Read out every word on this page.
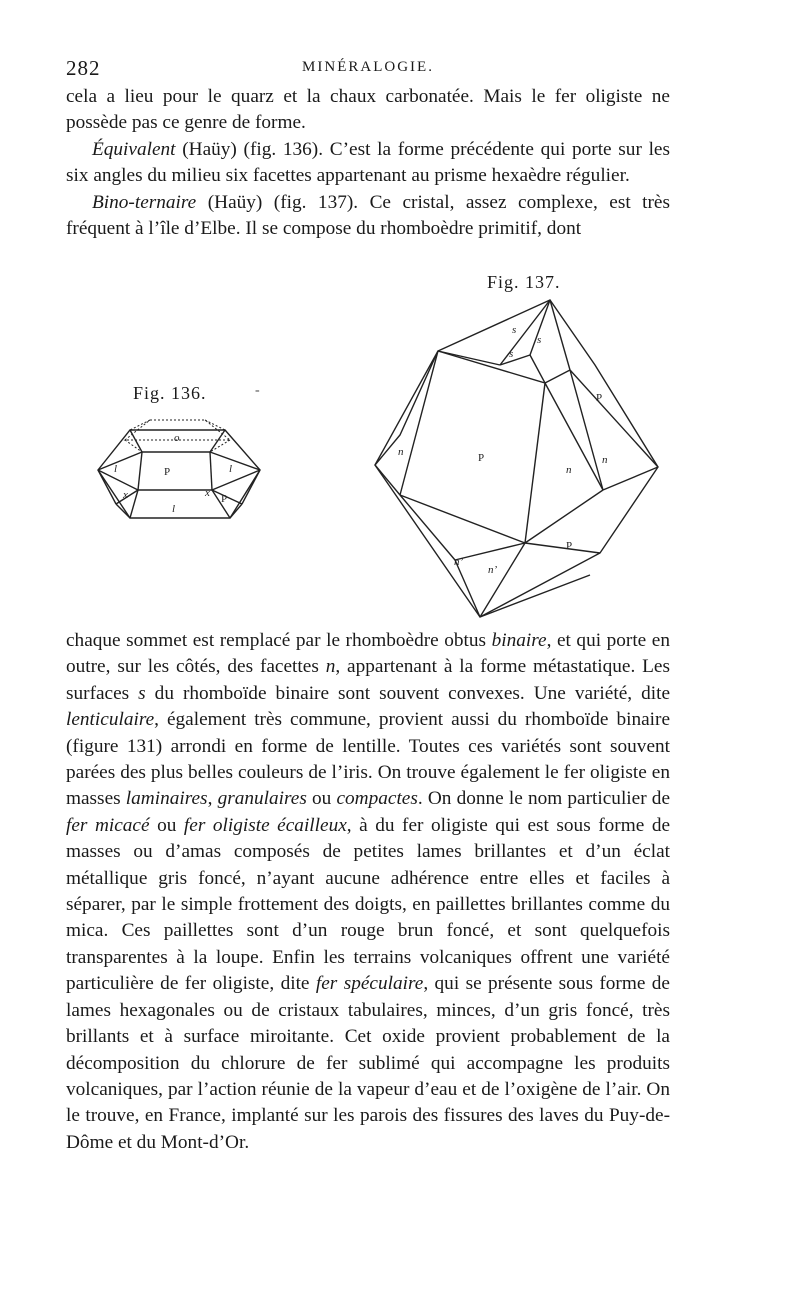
282	MINÉRALOGIE.

cela a lieu pour le quarz et la chaux carbonatée. Mais le fer oligiste ne possède pas ce genre de forme.

Équivalent (Haüy) (fig. 136). C’est la forme précédente qui porte sur les six angles du milieu six facettes appartenant au prisme hexaèdre régulier.

Bino-ternaire (Haüy) (fig. 137). Ce cristal, assez complexe, est très fréquent à l’île d’Elbe. Il se compose du rhomboèdre primitif, dont

Fig. 137.
Fig. 136.	-
s
s
s
P
n	P
n
n
P
n’
n’
o
l	P	l
x	x P
l

chaque sommet est remplacé par le rhomboèdre obtus binaire, et qui porte en outre, sur les côtés, des facettes n, appartenant à la forme métastatique. Les surfaces s du rhomboïde binaire sont souvent convexes. Une variété, dite lenticulaire, également très commune, provient aussi du rhomboïde binaire (figure 131) arrondi en forme de lentille. Toutes ces variétés sont souvent parées des plus belles couleurs de l’iris. On trouve également le fer oligiste en masses laminaires, granulaires ou compactes. On donne le nom particulier de fer micacé ou fer oligiste écailleux, à du fer oligiste qui est sous forme de masses ou d’amas composés de petites lames brillantes et d’un éclat métallique gris foncé, n’ayant aucune adhérence entre elles et faciles à séparer, par le simple frottement des doigts, en paillettes brillantes comme du mica. Ces paillettes sont d’un rouge brun foncé, et sont quelquefois transparentes à la loupe. Enfin les terrains volcaniques offrent une variété particulière de fer oligiste, dite fer spéculaire, qui se présente sous forme de lames hexagonales ou de cristaux tabulaires, minces, d’un gris foncé, très brillants et à surface miroitante. Cet oxide provient probablement de la décomposition du chlorure de fer sublimé qui accompagne les produits volcaniques, par l’action réunie de la vapeur d’eau et de l’oxigène de l’air. On le trouve, en France, implanté sur les parois des fissures des laves du Puy-de-Dôme et du Mont-d’Or.
